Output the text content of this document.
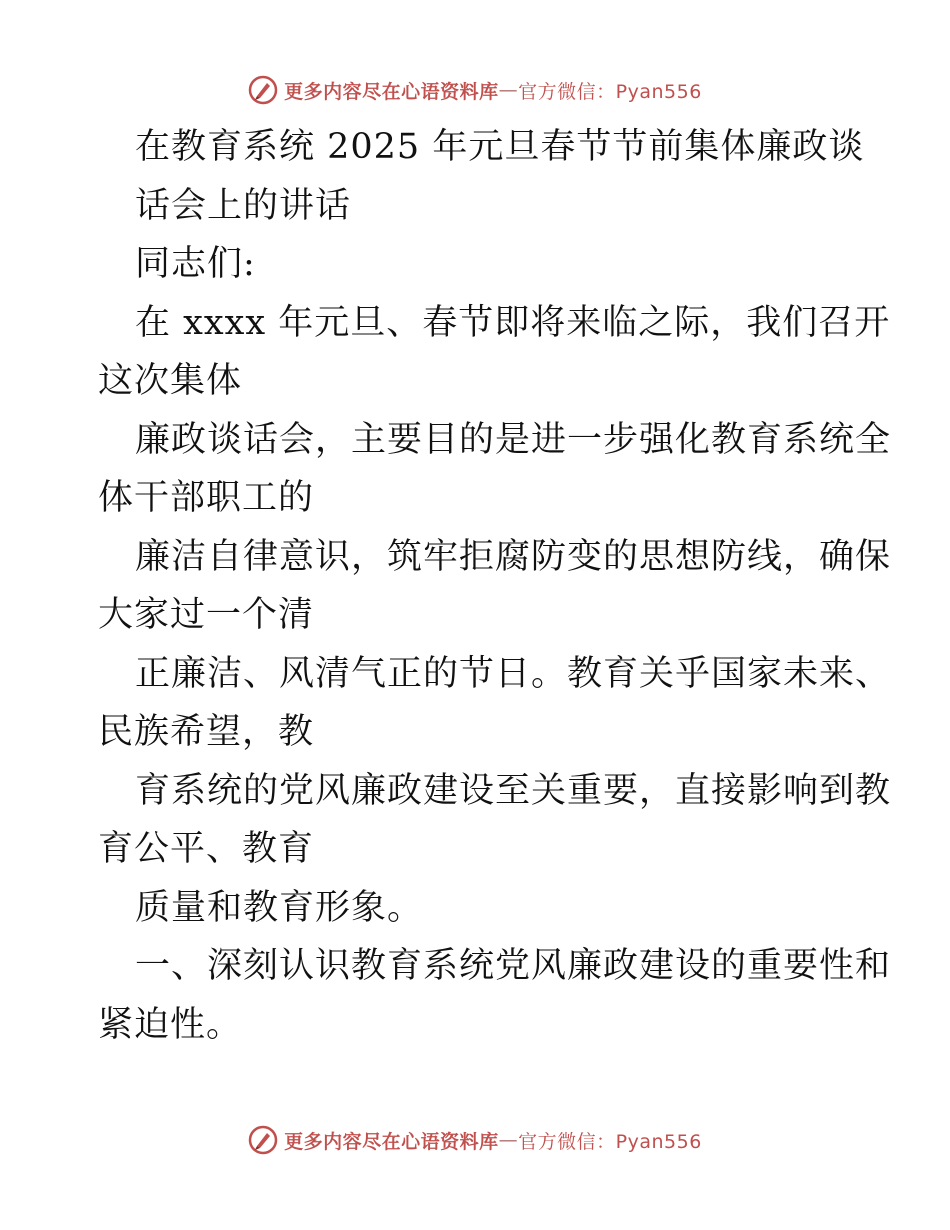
更多内容尽在心语资料库 — 官方微信：Pyan556
在教育系统 2025 年元旦春节节前集体廉政谈
话会上的讲话
同志们:
在 xxxx 年元旦、春节即将来临之际，我们召开
这次集体
廉政谈话会，主要目的是进一步强化教育系统全
体干部职工的
廉洁自律意识，筑牢拒腐防变的思想防线，确保
大家过一个清
正廉洁、风清气正的节日。教育关乎国家未来、
民族希望，教
育系统的党风廉政建设至关重要，直接影响到教
育公平、教育
质量和教育形象。
一、深刻认识教育系统党风廉政建设的重要性和
紧迫性。
更多内容尽在心语资料库 — 官方微信：Pyan556
